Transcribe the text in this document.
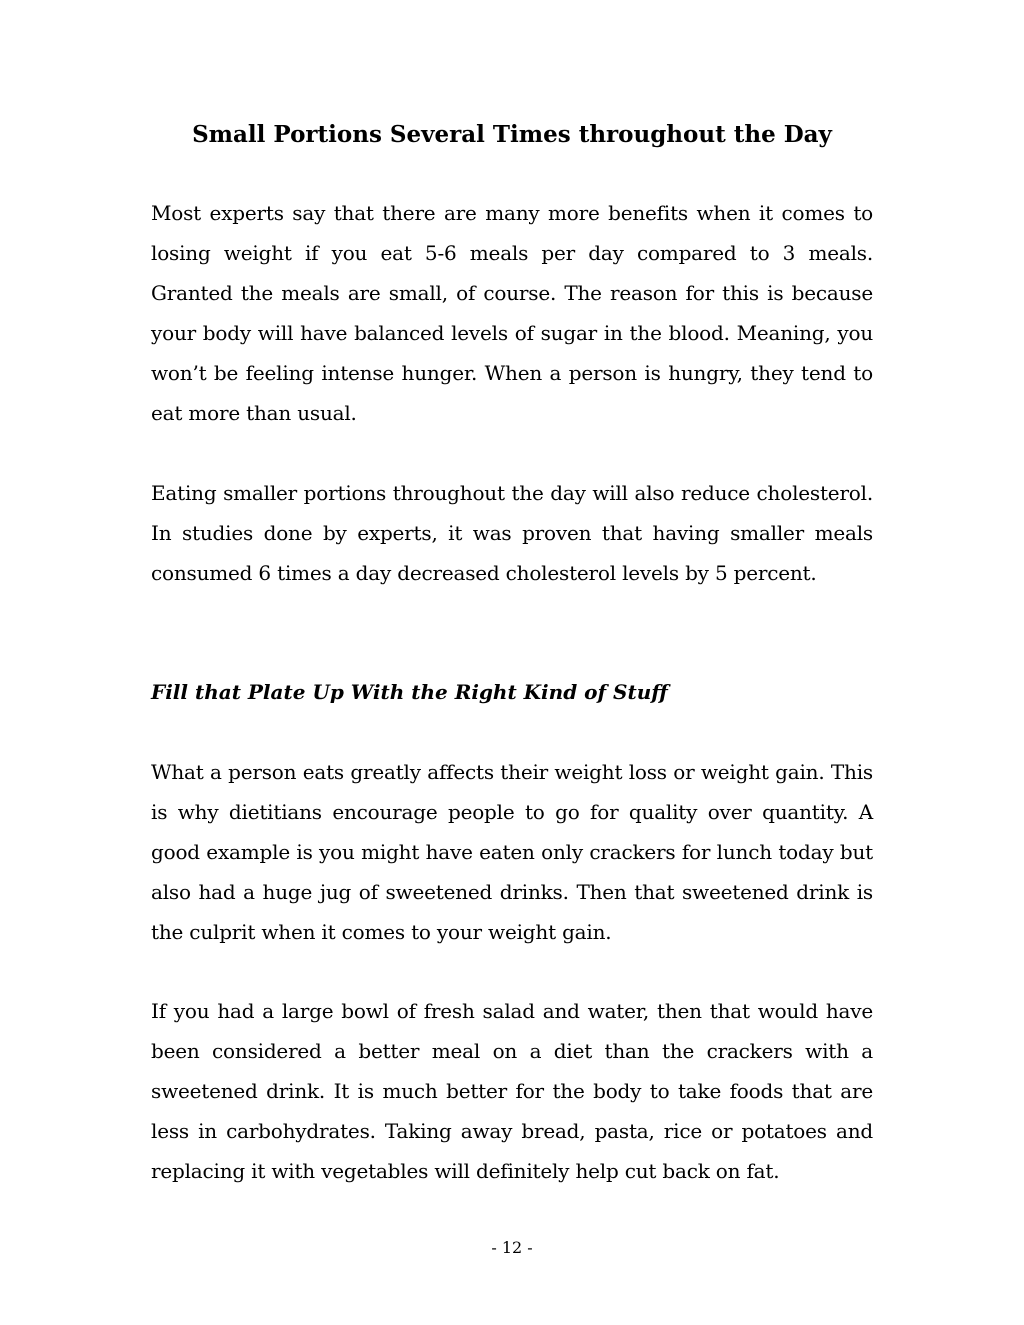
Small Portions Several Times throughout the Day

Most experts say that there are many more benefits when it comes to losing weight if you eat 5-6 meals per day compared to 3 meals. Granted the meals are small, of course. The reason for this is because your body will have balanced levels of sugar in the blood. Meaning, you won’t be feeling intense hunger. When a person is hungry, they tend to eat more than usual.

Eating smaller portions throughout the day will also reduce cholesterol. In studies done by experts, it was proven that having smaller meals consumed 6 times a day decreased cholesterol levels by 5 percent.

Fill that Plate Up With the Right Kind of Stuff

What a person eats greatly affects their weight loss or weight gain. This is why dietitians encourage people to go for quality over quantity. A good example is you might have eaten only crackers for lunch today but also had a huge jug of sweetened drinks. Then that sweetened drink is the culprit when it comes to your weight gain.

If you had a large bowl of fresh salad and water, then that would have been considered a better meal on a diet than the crackers with a sweetened drink. It is much better for the body to take foods that are less in carbohydrates. Taking away bread, pasta, rice or potatoes and replacing it with vegetables will definitely help cut back on fat.

- 12 -
